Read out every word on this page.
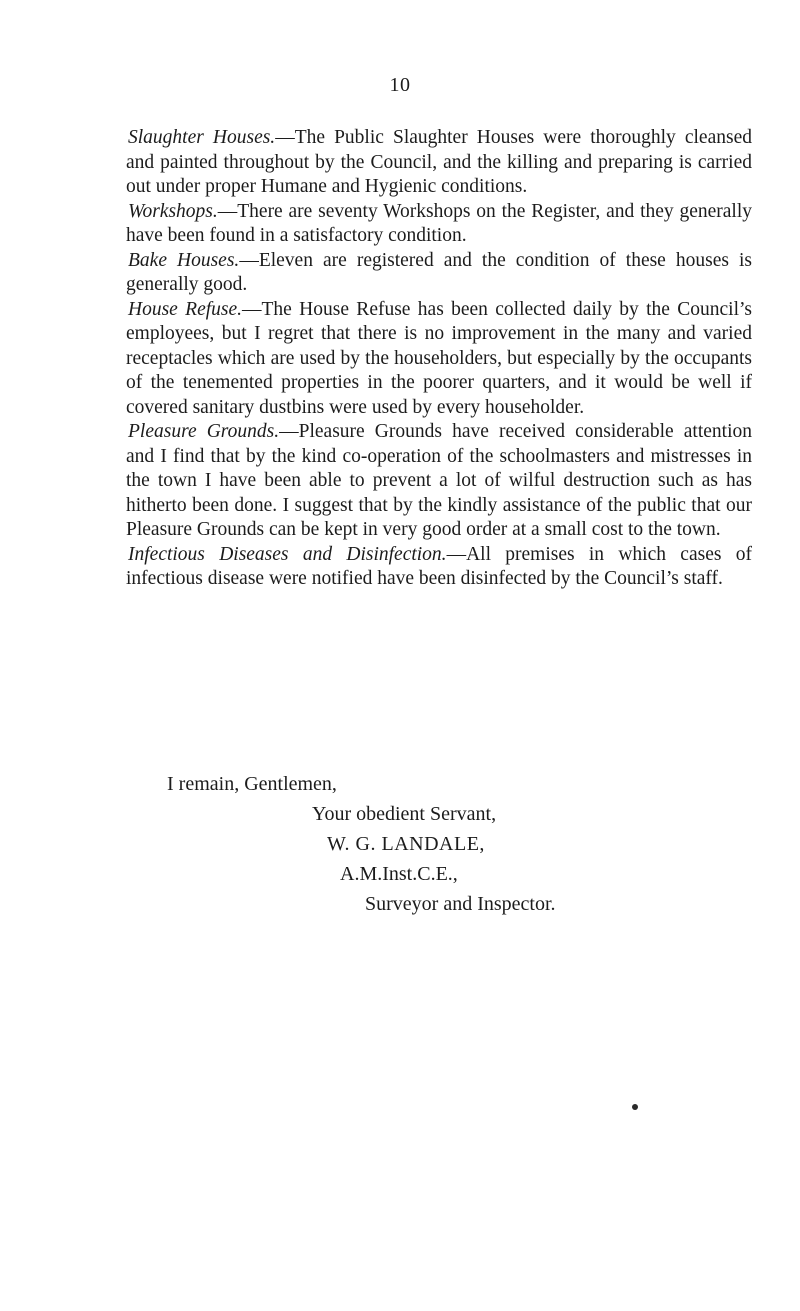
10

Slaughter Houses.—The Public Slaughter Houses were thoroughly cleansed and painted throughout by the Council, and the killing and preparing is carried out under proper Humane and Hygienic conditions.

Workshops.—There are seventy Workshops on the Register, and they generally have been found in a satisfactory condition.

Bake Houses.—Eleven are registered and the condition of these houses is generally good.

House Refuse.—The House Refuse has been collected daily by the Council’s employees, but I regret that there is no improvement in the many and varied receptacles which are used by the householders, but especially by the occupants of the tenemented properties in the poorer quarters, and it would be well if covered sanitary dustbins were used by every householder.

Pleasure Grounds.—Pleasure Grounds have received considerable attention and I find that by the kind co-operation of the schoolmasters and mistresses in the town I have been able to prevent a lot of wilful destruction such as has hitherto been done. I suggest that by the kindly assistance of the public that our Pleasure Grounds can be kept in very good order at a small cost to the town.

Infectious Diseases and Disinfection.—All premises in which cases of infectious disease were notified have been disinfected by the Council’s staff.

I remain, Gentlemen,
Your obedient Servant,
W. G. LANDALE,
A.M.Inst.C.E.,
Surveyor and Inspector.
